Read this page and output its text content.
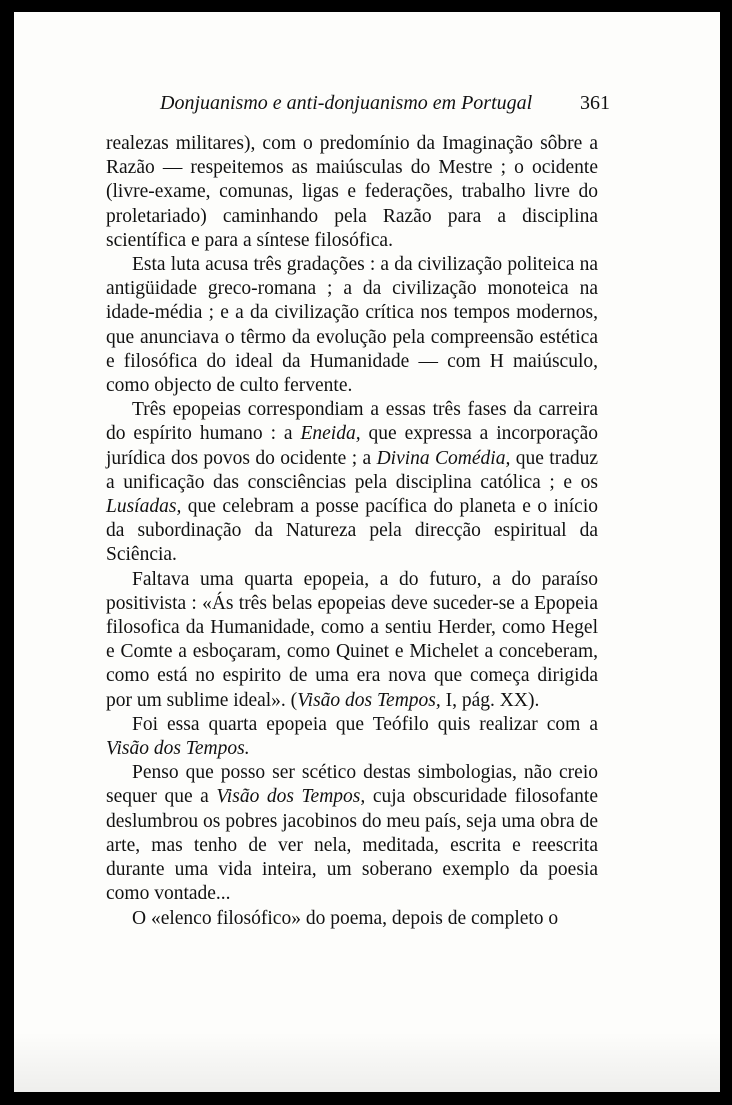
Donjuanismo e anti-donjuanismo em Portugal 361

realezas militares), com o predomínio da Imaginação sôbre a Razão — respeitemos as maiúsculas do Mestre ; o ocidente (livre-exame, comunas, ligas e federações, trabalho livre do proletariado) caminhando pela Razão para a disciplina scientífica e para a síntese filosófica.

Esta luta acusa três gradações : a da civilização politeica na antigüidade greco-romana ; a da civilização monoteica na idade-média ; e a da civilização crítica nos tempos modernos, que anunciava o têrmo da evolução pela compreensão estética e filosófica do ideal da Humanidade — com H maiúsculo, como objecto de culto fervente.

Três epopeias correspondiam a essas três fases da carreira do espírito humano : a Eneida, que expressa a incorporação jurídica dos povos do ocidente ; a Divina Comédia, que traduz a unificação das consciências pela disciplina católica ; e os Lusíadas, que celebram a posse pacífica do planeta e o início da subordinação da Natureza pela direcção espiritual da Sciência.

Faltava uma quarta epopeia, a do futuro, a do paraíso positivista : «Ás três belas epopeias deve suceder-se a Epopeia filosofica da Humanidade, como a sentiu Herder, como Hegel e Comte a esboçaram, como Quinet e Michelet a conceberam, como está no espirito de uma era nova que começa dirigida por um sublime ideal». (Visão dos Tempos, I, pág. XX).

Foi essa quarta epopeia que Teófilo quis realizar com a Visão dos Tempos.

Penso que posso ser scético destas simbologias, não creio sequer que a Visão dos Tempos, cuja obscuridade filosofante deslumbrou os pobres jacobinos do meu país, seja uma obra de arte, mas tenho de ver nela, meditada, escrita e reescrita durante uma vida inteira, um soberano exemplo da poesia como vontade...

O «elenco filosófico» do poema, depois de completo o
